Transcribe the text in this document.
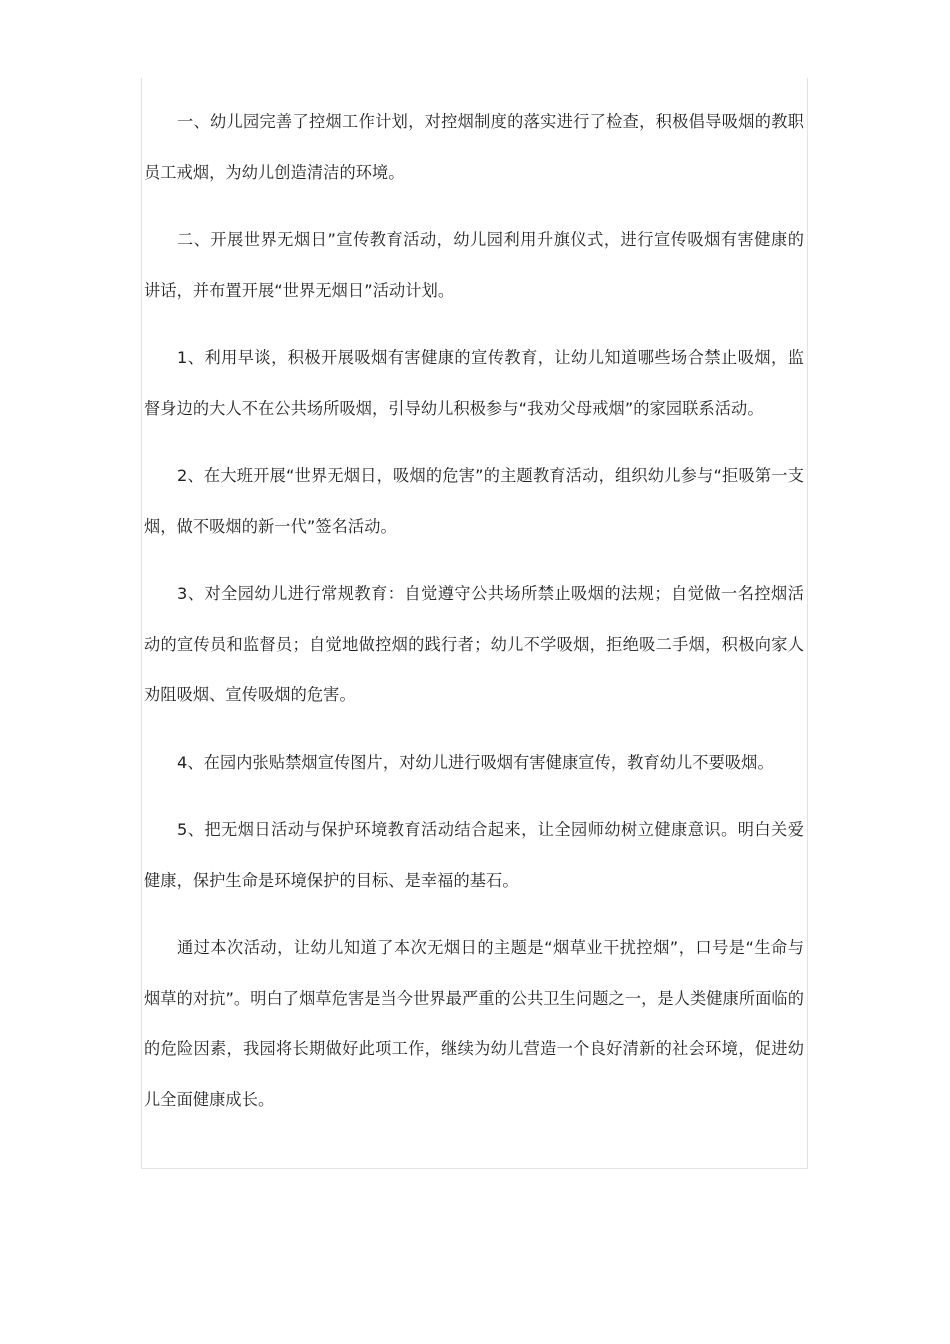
一、幼儿园完善了控烟工作计划，对控烟制度的落实进行了检查，积极倡导吸烟的教职员工戒烟，为幼儿创造清洁的环境。

二、开展世界无烟日”宣传教育活动，幼儿园利用升旗仪式，进行宣传吸烟有害健康的讲话，并布置开展“世界无烟日”活动计划。

1、利用早谈，积极开展吸烟有害健康的宣传教育，让幼儿知道哪些场合禁止吸烟，监督身边的大人不在公共场所吸烟，引导幼儿积极参与“我劝父母戒烟”的家园联系活动。

2、在大班开展“世界无烟日，吸烟的危害”的主题教育活动，组织幼儿参与“拒吸第一支烟，做不吸烟的新一代”签名活动。

3、对全园幼儿进行常规教育：自觉遵守公共场所禁止吸烟的法规；自觉做一名控烟活动的宣传员和监督员；自觉地做控烟的践行者；幼儿不学吸烟，拒绝吸二手烟，积极向家人劝阻吸烟、宣传吸烟的危害。

4、在园内张贴禁烟宣传图片，对幼儿进行吸烟有害健康宣传，教育幼儿不要吸烟。

5、把无烟日活动与保护环境教育活动结合起来，让全园师幼树立健康意识。明白关爱健康，保护生命是环境保护的目标、是幸福的基石。

通过本次活动，让幼儿知道了本次无烟日的主题是“烟草业干扰控烟”，口号是“生命与烟草的对抗”。明白了烟草危害是当今世界最严重的公共卫生问题之一，是人类健康所面临的的危险因素，我园将长期做好此项工作，继续为幼儿营造一个良好清新的社会环境，促进幼儿全面健康成长。
